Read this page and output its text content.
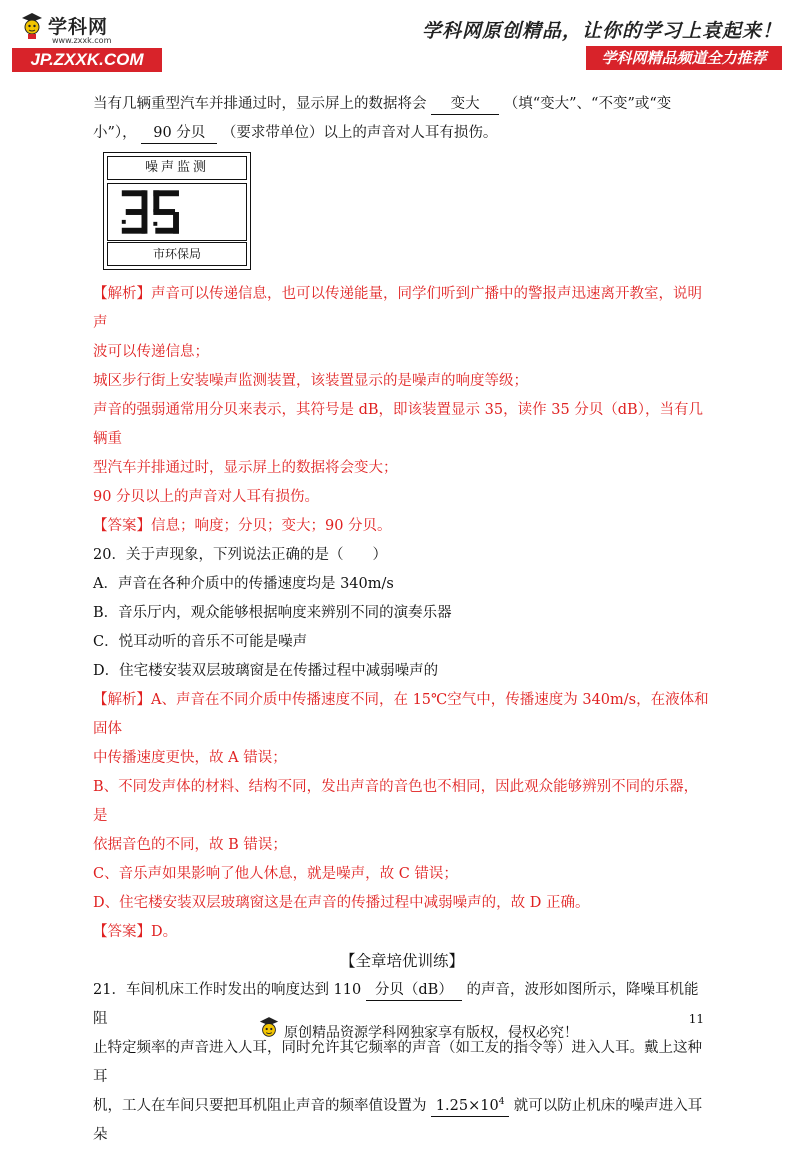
学科网
www.zxxk.com
JP.ZXXK.COM
学科网原创精品，让你的学习上袁起来！
学科网精品频道全力推荐

当有几辆重型汽车并排通过时，显示屏上的数据将会 变大 （填“变大”、“不变”或“变

小”）， 90 分贝 （要求带单位）以上的声音对人耳有损伤。

噪声监测
市环保局

【解析】声音可以传递信息，也可以传递能量，同学们听到广播中的警报声迅速离开教室，说明声

波可以传递信息；

城区步行街上安装噪声监测装置，该装置显示的是噪声的响度等级；

声音的强弱通常用分贝来表示，其符号是 dB，即该装置显示 35，读作 35 分贝（dB），当有几辆重

型汽车并排通过时，显示屏上的数据将会变大；

90 分贝以上的声音对人耳有损伤。

【答案】信息；响度；分贝；变大；90 分贝。

20．关于声现象，下列说法正确的是（　　）

A．声音在各种介质中的传播速度均是 340m/s

B．音乐厅内，观众能够根据响度来辨别不同的演奏乐器

C．悦耳动听的音乐不可能是噪声

D．住宅楼安装双层玻璃窗是在传播过程中减弱噪声的

【解析】A、声音在不同介质中传播速度不同，在 15℃空气中，传播速度为 340m/s，在液体和固体

中传播速度更快，故 A 错误；

B、不同发声体的材料、结构不同，发出声音的音色也不相同，因此观众能够辨别不同的乐器，是

依据音色的不同，故 B 错误；

C、音乐声如果影响了他人休息，就是噪声，故 C 错误；

D、住宅楼安装双层玻璃窗这是在声音的传播过程中减弱噪声的，故 D 正确。

【答案】D。

【全章培优训练】

21．车间机床工作时发出的响度达到 110 分贝（dB） 的声音，波形如图所示，降噪耳机能阻

止特定频率的声音进入人耳，同时允许其它频率的声音（如工友的指令等）进入人耳。戴上这种耳

机，工人在车间只要把耳机阻止声音的频率值设置为 $1.25\times 10^4$ 就可以防止机床的噪声进入耳朵

11
原创精品资源学科网独家享有版权，侵权必究！
